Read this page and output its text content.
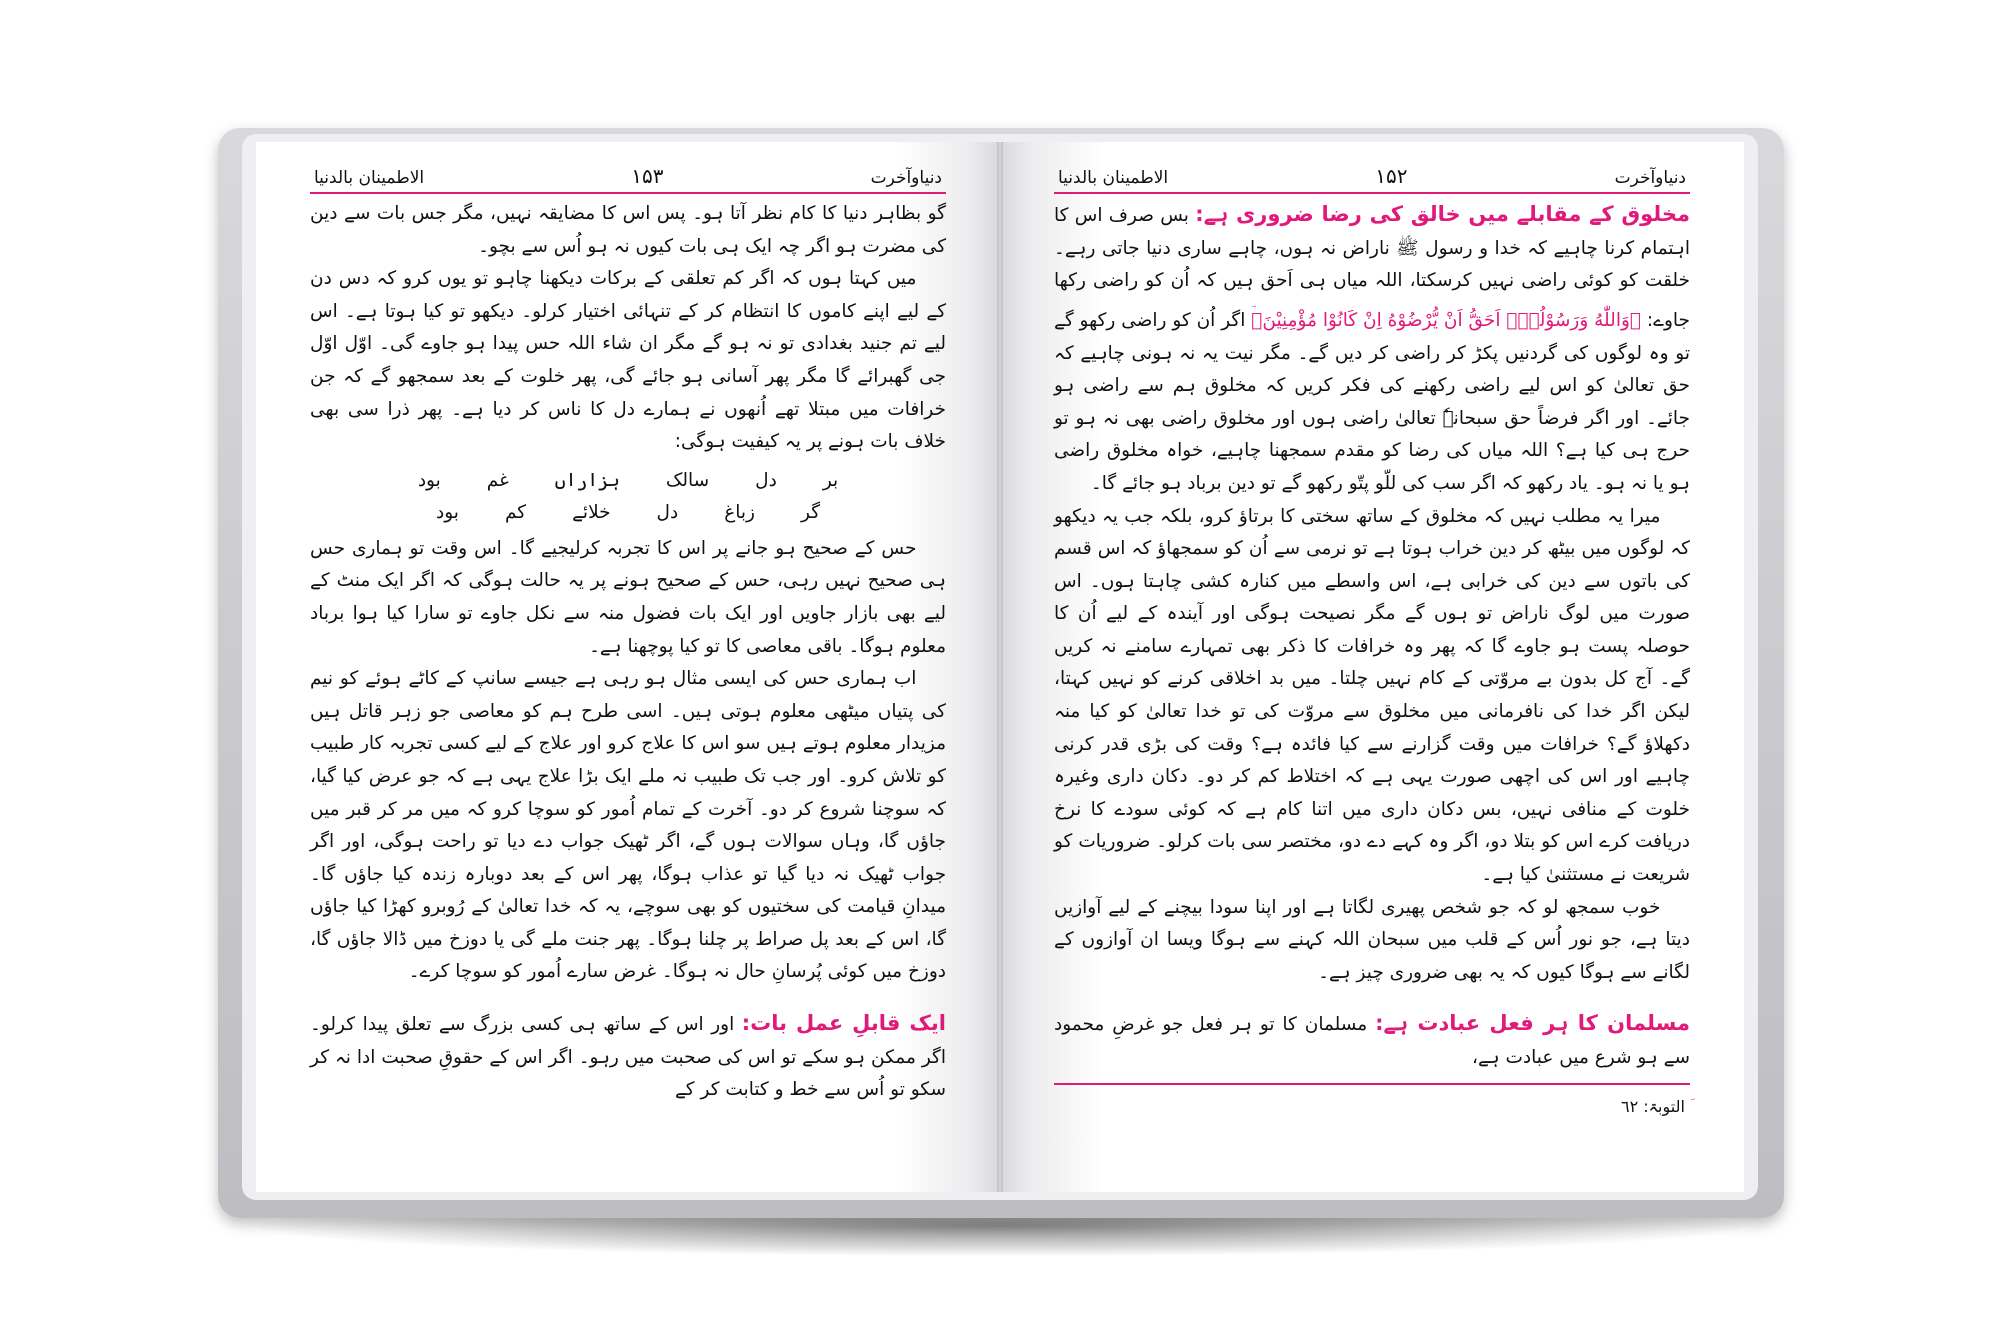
دنیاوآخرت
۱۵۳
الاطمینان بالدنیا

گو بظاہر دنیا کا کام نظر آتا ہو۔ پس اس کا مضایقہ نہیں، مگر جس بات سے دین کی مضرت ہو اگر چہ ایک ہی بات کیوں نہ ہو اُس سے بچو۔

میں کہتا ہوں کہ اگر کم تعلقی کے برکات دیکھنا چاہو تو یوں کرو کہ دس دن کے لیے اپنے کاموں کا انتظام کر کے تنہائی اختیار کرلو۔ دیکھو تو کیا ہوتا ہے۔ اس لیے تم جنید بغدادی تو نہ ہو گے مگر ان شاء اللہ حس پیدا ہو جاوے گی۔ اوّل اوّل جی گھبرائے گا مگر پھر آسانی ہو جائے گی، پھر خلوت کے بعد سمجھو گے کہ جن خرافات میں مبتلا تھے اُنھوں نے ہمارے دل کا ناس کر دیا ہے۔ پھر ذرا سی بھی خلاف بات ہونے پر یہ کیفیت ہوگی:

بر
دل
سالک
ہزاراں
غم
بود
گر
زباغ
دل
خلائے
کم
بود

حس کے صحیح ہو جانے پر اس کا تجربہ کرلیجیے گا۔ اس وقت تو ہماری حس ہی صحیح نہیں رہی، حس کے صحیح ہونے پر یہ حالت ہوگی کہ اگر ایک منٹ کے لیے بھی بازار جاویں اور ایک بات فضول منہ سے نکل جاوے تو سارا کیا ہوا برباد معلوم ہوگا۔ باقی معاصی کا تو کیا پوچھنا ہے۔

اب ہماری حس کی ایسی مثال ہو رہی ہے جیسے سانپ کے کاٹے ہوئے کو نیم کی پتیاں میٹھی معلوم ہوتی ہیں۔ اسی طرح ہم کو معاصی جو زہر قاتل ہیں مزیدار معلوم ہوتے ہیں سو اس کا علاج کرو اور علاج کے لیے کسی تجربہ کار طبیب کو تلاش کرو۔ اور جب تک طبیب نہ ملے ایک بڑا علاج یہی ہے کہ جو عرض کیا گیا، کہ سوچنا شروع کر دو۔ آخرت کے تمام اُمور کو سوچا کرو کہ میں مر کر قبر میں جاؤں گا، وہاں سوالات ہوں گے، اگر ٹھیک جواب دے دیا تو راحت ہوگی، اور اگر جواب ٹھیک نہ دیا گیا تو عذاب ہوگا، پھر اس کے بعد دوبارہ زندہ کیا جاؤں گا۔ میدانِ قیامت کی سختیوں کو بھی سوچے، یہ کہ خدا تعالیٰ کے رُوبرو کھڑا کیا جاؤں گا، اس کے بعد پل صراط پر چلنا ہوگا۔ پھر جنت ملے گی یا دوزخ میں ڈالا جاؤں گا، دوزخ میں کوئی پُرسانِ حال نہ ہوگا۔ غرض سارے اُمور کو سوچا کرے۔

ایک قابلِ عمل بات: اور اس کے ساتھ ہی کسی بزرگ سے تعلق پیدا کرلو۔ اگر ممکن ہو سکے تو اس کی صحبت میں رہو۔ اگر اس کے حقوقِ صحبت ادا نہ کر سکو تو اُس سے خط و کتابت کر کے

دنیاوآخرت
۱۵۲
الاطمینان بالدنیا

مخلوق کے مقابلے میں خالق کی رضا ضروری ہے: بس صرف اس کا اہتمام کرنا چاہیے کہ خدا و رسول ﷺ ناراض نہ ہوں، چاہے ساری دنیا جاتی رہے۔ خلقت کو کوئی راضی نہیں کرسکتا، اللہ میاں ہی اَحق ہیں کہ اُن کو راضی رکھا جاوے: ﴿وَاللّٰهُ وَرَسُوْلُهٗۤ اَحَقُّ اَنْ يُّرْضُوْهُ اِنْ كَانُوْا مُؤْمِنِيْنَ﴾ اگر اُن کو راضی رکھو گے تو وہ لوگوں کی گردنیں پکڑ کر راضی کر دیں گے۔ مگر نیت یہ نہ ہونی چاہیے کہ حق تعالیٰ کو اس لیے راضی رکھنے کی فکر کریں کہ مخلوق ہم سے راضی ہو جائے۔ اور اگر فرضاً حق سبحانہٗ تعالیٰ راضی ہوں اور مخلوق راضی بھی نہ ہو تو حرج ہی کیا ہے؟ اللہ میاں کی رضا کو مقدم سمجھنا چاہیے، خواہ مخلوق راضی ہو یا نہ ہو۔ یاد رکھو کہ اگر سب کی للّو پتّو رکھو گے تو دین برباد ہو جائے گا۔

میرا یہ مطلب نہیں کہ مخلوق کے ساتھ سختی کا برتاؤ کرو، بلکہ جب یہ دیکھو کہ لوگوں میں بیٹھ کر دین خراب ہوتا ہے تو نرمی سے اُن کو سمجھاؤ کہ اس قسم کی باتوں سے دین کی خرابی ہے، اس واسطے میں کنارہ کشی چاہتا ہوں۔ اس صورت میں لوگ ناراض تو ہوں گے مگر نصیحت ہوگی اور آیندہ کے لیے اُن کا حوصلہ پست ہو جاوے گا کہ پھر وہ خرافات کا ذکر بھی تمہارے سامنے نہ کریں گے۔ آج کل بدون بے مروّتی کے کام نہیں چلتا۔ میں بد اخلاقی کرنے کو نہیں کہتا، لیکن اگر خدا کی نافرمانی میں مخلوق سے مروّت کی تو خدا تعالیٰ کو کیا منہ دکھلاؤ گے؟ خرافات میں وقت گزارنے سے کیا فائدہ ہے؟ وقت کی بڑی قدر کرنی چاہیے اور اس کی اچھی صورت یہی ہے کہ اختلاط کم کر دو۔ دکان داری وغیرہ خلوت کے منافی نہیں، بس دکان داری میں اتنا کام ہے کہ کوئی سودے کا نرخ دریافت کرے اس کو بتلا دو، اگر وہ کہے دے دو، مختصر سی بات کرلو۔ ضروریات کو شریعت نے مستثنیٰ کیا ہے۔

خوب سمجھ لو کہ جو شخص پھیری لگاتا ہے اور اپنا سودا بیچنے کے لیے آوازیں دیتا ہے، جو نور اُس کے قلب میں سبحان اللہ کہنے سے ہوگا ویسا ان آوازوں کے لگانے سے ہوگا کیوں کہ یہ بھی ضروری چیز ہے۔

مسلمان کا ہر فعل عبادت ہے: مسلمان کا تو ہر فعل جو غرضِ محمود سے ہو شرع میں عبادت ہے،

التوبۃ: ٦٢
